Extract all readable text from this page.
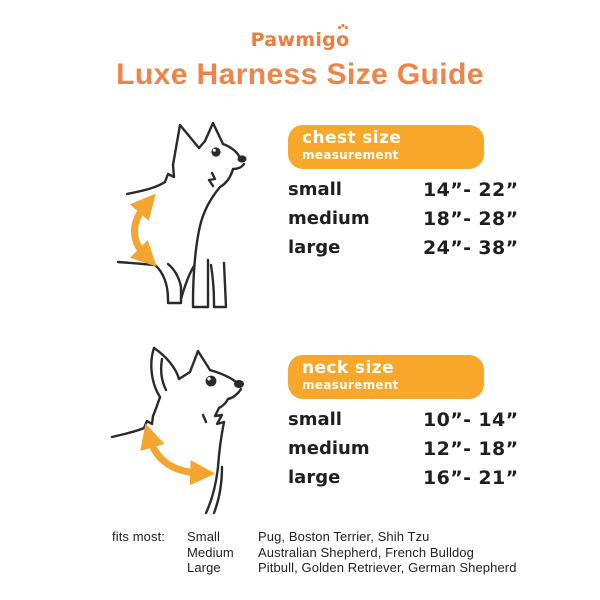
Pawmigo
Luxe Harness Size Guide
chest size
measurement
small	14”- 22”
medium	18”- 28”
large	24”- 38”
neck size
measurement
small	10”- 14”
medium	12”- 18”
large	16”- 21”
fits most:	Small	Pug, Boston Terrier, Shih Tzu
Medium	Australian Shepherd, French Bulldog
Large	Pitbull, Golden Retriever, German Shepherd
